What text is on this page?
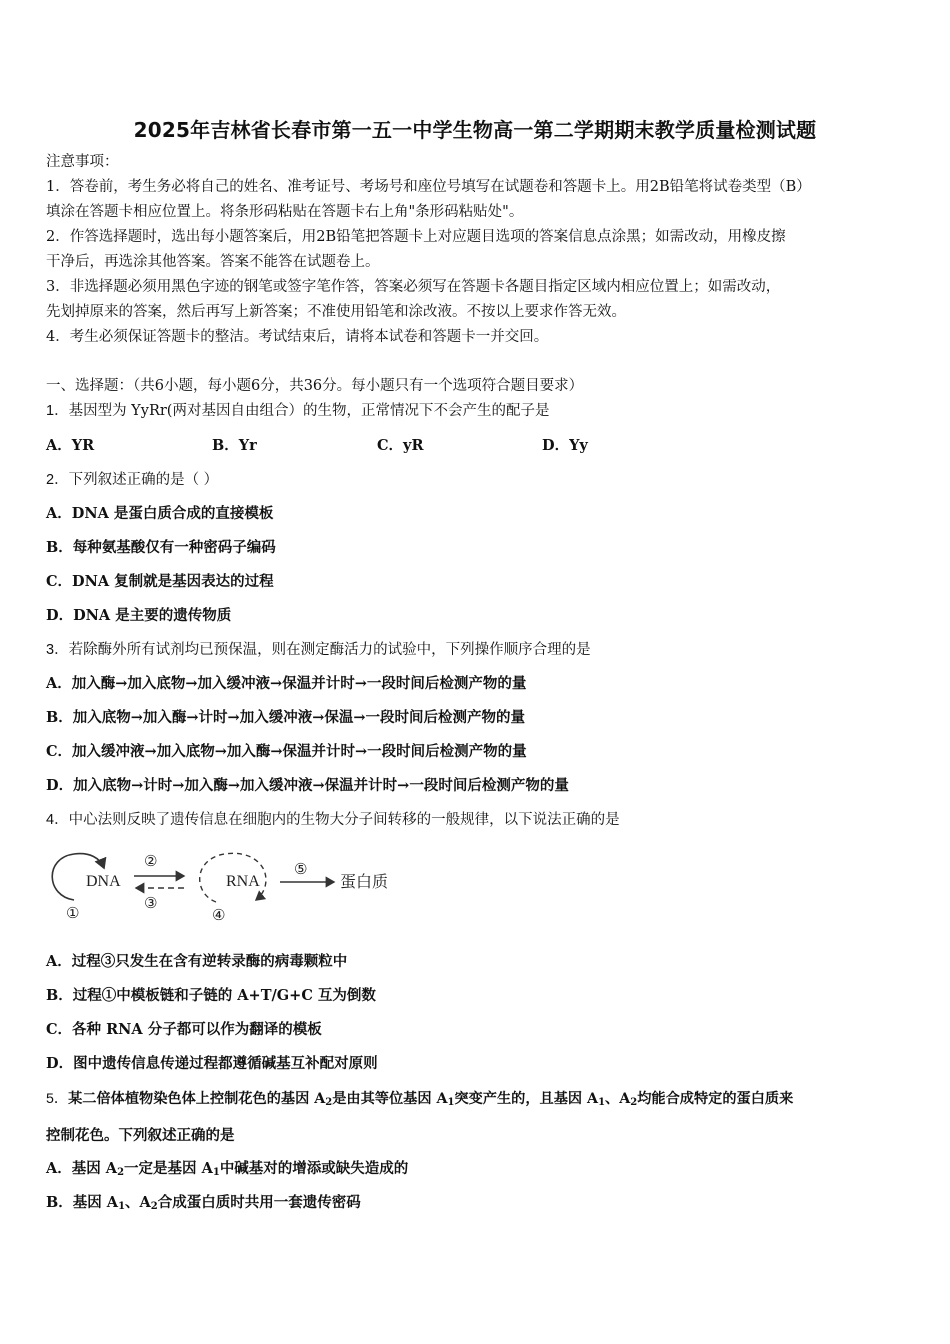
2025年吉林省长春市第一五一中学生物高一第二学期期末教学质量检测试题
注意事项：
1．答卷前，考生务必将自己的姓名、准考证号、考场号和座位号填写在试题卷和答题卡上。用2B铅笔将试卷类型（B）
填涂在答题卡相应位置上。将条形码粘贴在答题卡右上角"条形码粘贴处"。
2．作答选择题时，选出每小题答案后，用2B铅笔把答题卡上对应题目选项的答案信息点涂黑；如需改动，用橡皮擦
干净后，再选涂其他答案。答案不能答在试题卷上。
3．非选择题必须用黑色字迹的钢笔或签字笔作答，答案必须写在答题卡各题目指定区域内相应位置上；如需改动，
先划掉原来的答案，然后再写上新答案；不准使用铅笔和涂改液。不按以上要求作答无效。
4．考生必须保证答题卡的整洁。考试结束后，请将本试卷和答题卡一并交回。
一、选择题：（共6小题，每小题6分，共36分。每小题只有一个选项符合题目要求）
1．基因型为 YyRr(两对基因自由组合）的生物，正常情况下不会产生的配子是
A．YR	B．Yr	C．yR	D．Yy
2．下列叙述正确的是（ ）
A．DNA 是蛋白质合成的直接模板
B．每种氨基酸仅有一种密码子编码
C．DNA 复制就是基因表达的过程
D．DNA 是主要的遗传物质
3．若除酶外所有试剂均已预保温，则在测定酶活力的试验中，下列操作顺序合理的是
A．加入酶→加入底物→加入缓冲液→保温并计时→一段时间后检测产物的量
B．加入底物→加入酶→计时→加入缓冲液→保温→一段时间后检测产物的量
C．加入缓冲液→加入底物→加入酶→保温并计时→一段时间后检测产物的量
D．加入底物→计时→加入酶→加入缓冲液→保温并计时→一段时间后检测产物的量
4．中心法则反映了遗传信息在细胞内的生物大分子间转移的一般规律，以下说法正确的是
DNA
①
②
③
RNA
④
⑤
蛋白质
A．过程③只发生在含有逆转录酶的病毒颗粒中
B．过程①中模板链和子链的 A+T/G+C 互为倒数
C．各种 RNA 分子都可以作为翻译的模板
D．图中遗传信息传递过程都遵循碱基互补配对原则
5．某二倍体植物染色体上控制花色的基因 $A_2$是由其等位基因 $A_1$突变产生的，且基因 $A_1$、$A_2$均能合成特定的蛋白质来
控制花色。下列叙述正确的是
A．基因 $A_2$一定是基因 $A_1$中碱基对的增添或缺失造成的
B．基因 $A_1$、$A_2$合成蛋白质时共用一套遗传密码
